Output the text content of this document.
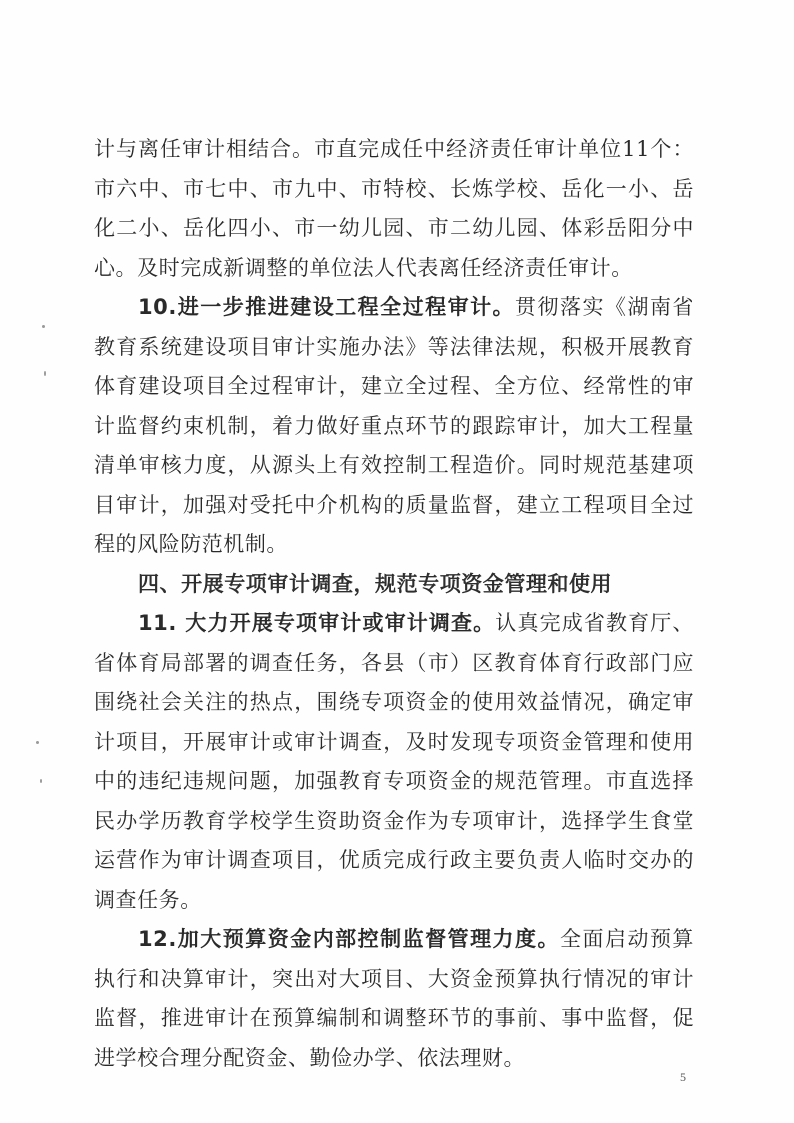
计与离任审计相结合。市直完成任中经济责任审计单位11个：市六中、市七中、市九中、市特校、长炼学校、岳化一小、岳化二小、岳化四小、市一幼儿园、市二幼儿园、体彩岳阳分中心。及时完成新调整的单位法人代表离任经济责任审计。

10.进一步推进建设工程全过程审计。贯彻落实《湖南省教育系统建设项目审计实施办法》等法律法规，积极开展教育体育建设项目全过程审计，建立全过程、全方位、经常性的审计监督约束机制，着力做好重点环节的跟踪审计，加大工程量清单审核力度，从源头上有效控制工程造价。同时规范基建项目审计，加强对受托中介机构的质量监督，建立工程项目全过程的风险防范机制。

四、开展专项审计调查，规范专项资金管理和使用

11. 大力开展专项审计或审计调查。认真完成省教育厅、省体育局部署的调查任务，各县（市）区教育体育行政部门应围绕社会关注的热点，围绕专项资金的使用效益情况，确定审计项目，开展审计或审计调查，及时发现专项资金管理和使用中的违纪违规问题，加强教育专项资金的规范管理。市直选择民办学历教育学校学生资助资金作为专项审计，选择学生食堂运营作为审计调查项目，优质完成行政主要负责人临时交办的调查任务。

12.加大预算资金内部控制监督管理力度。全面启动预算执行和决算审计，突出对大项目、大资金预算执行情况的审计监督，推进审计在预算编制和调整环节的事前、事中监督，促进学校合理分配资金、勤俭办学、依法理财。

5
